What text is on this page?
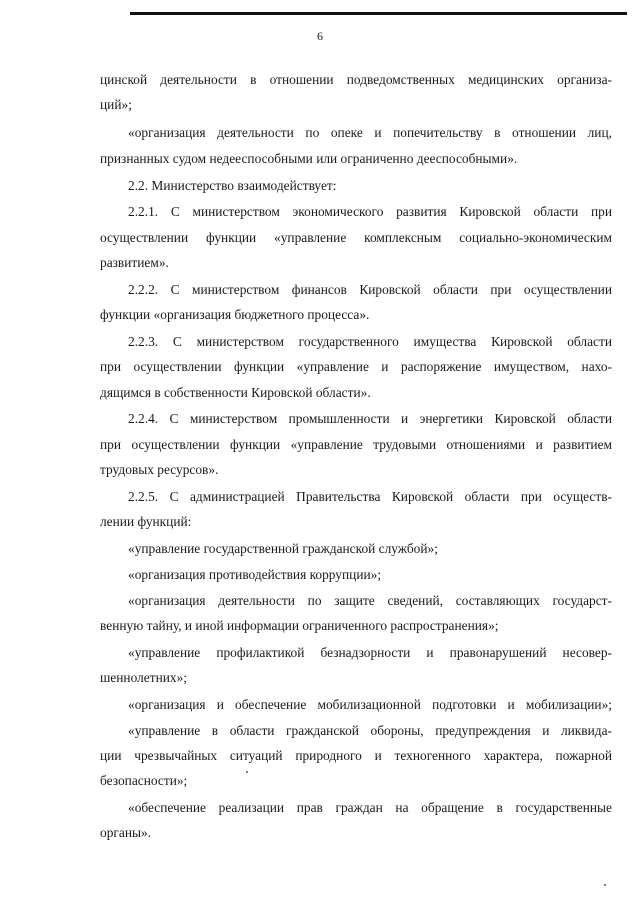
6
цинской деятельности в отношении подведомственных медицинских организа-
ций»;
«организация деятельности по опеке и попечительству в отношении лиц,
признанных судом недееспособными или ограниченно дееспособными».
2.2. Министерство взаимодействует:
2.2.1. С министерством экономического развития Кировской области при
осуществлении функции «управление комплексным социально-экономическим
развитием».
2.2.2. С министерством финансов Кировской области при осуществлении
функции «организация бюджетного процесса».
2.2.3. С министерством государственного имущества Кировской области
при осуществлении функции «управление и распоряжение имуществом, нахо-
дящимся в собственности Кировской области».
2.2.4. С министерством промышленности и энергетики Кировской области
при осуществлении функции «управление трудовыми отношениями и развитием
трудовых ресурсов».
2.2.5. С администрацией Правительства Кировской области при осуществ-
лении функций:
«управление государственной гражданской службой»;
«организация противодействия коррупции»;
«организация деятельности по защите сведений, составляющих государст-
венную тайну, и иной информации ограниченного распространения»;
«управление профилактикой безнадзорности и правонарушений несовер-
шеннолетних»;
«организация и обеспечение мобилизационной подготовки и мобилизации»;
«управление в области гражданской обороны, предупреждения и ликвида-
ции чрезвычайных ситуаций природного и техногенного характера, пожарной
безопасности»;
«обеспечение реализации прав граждан на обращение в государственные
органы».
